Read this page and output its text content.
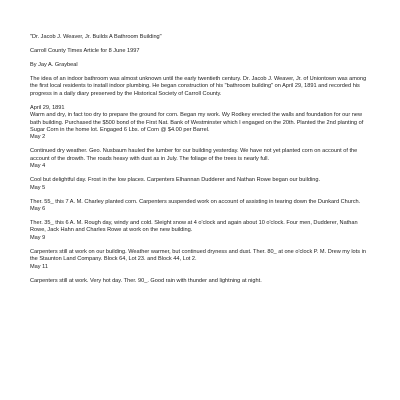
"Dr. Jacob J. Weaver, Jr. Builds A Bathroom Building"

Carroll County Times Article for 8 June 1997

By Jay A. Graybeal

The idea of an indoor bathroom was almost unknown until the early twentieth century. Dr. Jacob J. Weaver, Jr. of Uniontown was among the first local residents to install indoor plumbing. He began construction of his "bathroom building" on April 29, 1891 and recorded his progress in a daily diary preserved by the Historical Society of Carroll County.

April 29, 1891
Warm and dry, in fact too dry to prepare the ground for corn. Began my work. Wy Rodkey erected the walls and foundation for our new bath building. Purchased the $500 bond of the First Nat. Bank of Westminster which I engaged on the 20th. Planted the 2nd planting of Sugar Corn in the home lot. Engaged 6 Lbs. of Corn @ $4.00 per Barrel.

May 2

Continued dry weather. Geo. Nusbaum hauled the lumber for our building yesterday. We have not yet planted corn on account of the account of the drowth. The roads heavy with dust as in July. The foliage of the trees is nearly full.

May 4

Cool but delightful day. Frost in the low places. Carpenters Elhannan Dudderer and Nathan Rowe began our building.

May 5

Ther. 55_ this 7 A. M. Charley planted corn. Carpenters suspended work on account of assisting in tearing down the Dunkard Church.

May 6

Ther. 35_ this 6 A. M. Rough day, windy and cold. Sleight snow at 4 o'clock and again about 10 o'clock. Four men, Dudderer, Nathan Rowe, Jack Hahn and Charles Rowe at work on the new building.

May 9

Carpenters still at work on our building. Weather warmer, but continued dryness and dust. Ther. 80_ at one o'clock P. M. Drew my lots in the Staunton Land Company. Block 64, Lot 23. and Block 44, Lot 2.

May 11

Carpenters still at work. Very hot day. Ther. 90_. Good rain with thunder and lightning at night.
